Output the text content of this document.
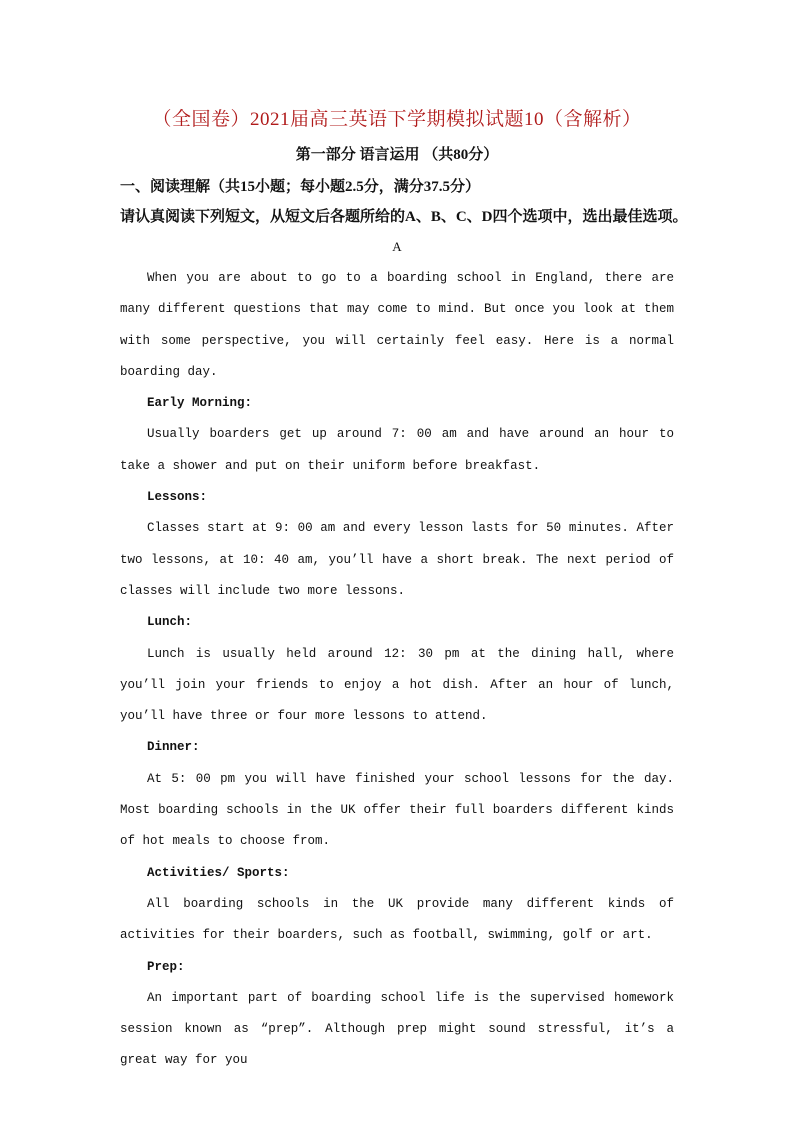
（全国卷）2021届高三英语下学期模拟试题10（含解析）
第一部分 语言运用 （共80分）
一、阅读理解（共15小题；每小题2.5分，满分37.5分）
请认真阅读下列短文，从短文后各题所给的A、B、C、D四个选项中，选出最佳选项。
A

When you are about to go to a boarding school in England, there are many different questions that may come to mind. But once you look at them with some perspective, you will certainly feel easy. Here is a normal boarding day.

Early Morning:

Usually boarders get up around 7: 00 am and have around an hour to take a shower and put on their uniform before breakfast.

Lessons:

Classes start at 9: 00 am and every lesson lasts for 50 minutes. After two lessons, at 10: 40 am, you’ll have a short break. The next period of classes will include two more lessons.

Lunch:

Lunch is usually held around 12: 30 pm at the dining hall, where you’ll join your friends to enjoy a hot dish. After an hour of lunch, you’ll have three or four more lessons to attend.

Dinner:

At 5: 00 pm you will have finished your school lessons for the day. Most boarding schools in the UK offer their full boarders different kinds of hot meals to choose from.

Activities/ Sports:

All boarding schools in the UK provide many different kinds of activities for their boarders, such as football, swimming, golf or art.

Prep:

An important part of boarding school life is the supervised homework session known as “prep”. Although prep might sound stressful, it’s a great way for you
